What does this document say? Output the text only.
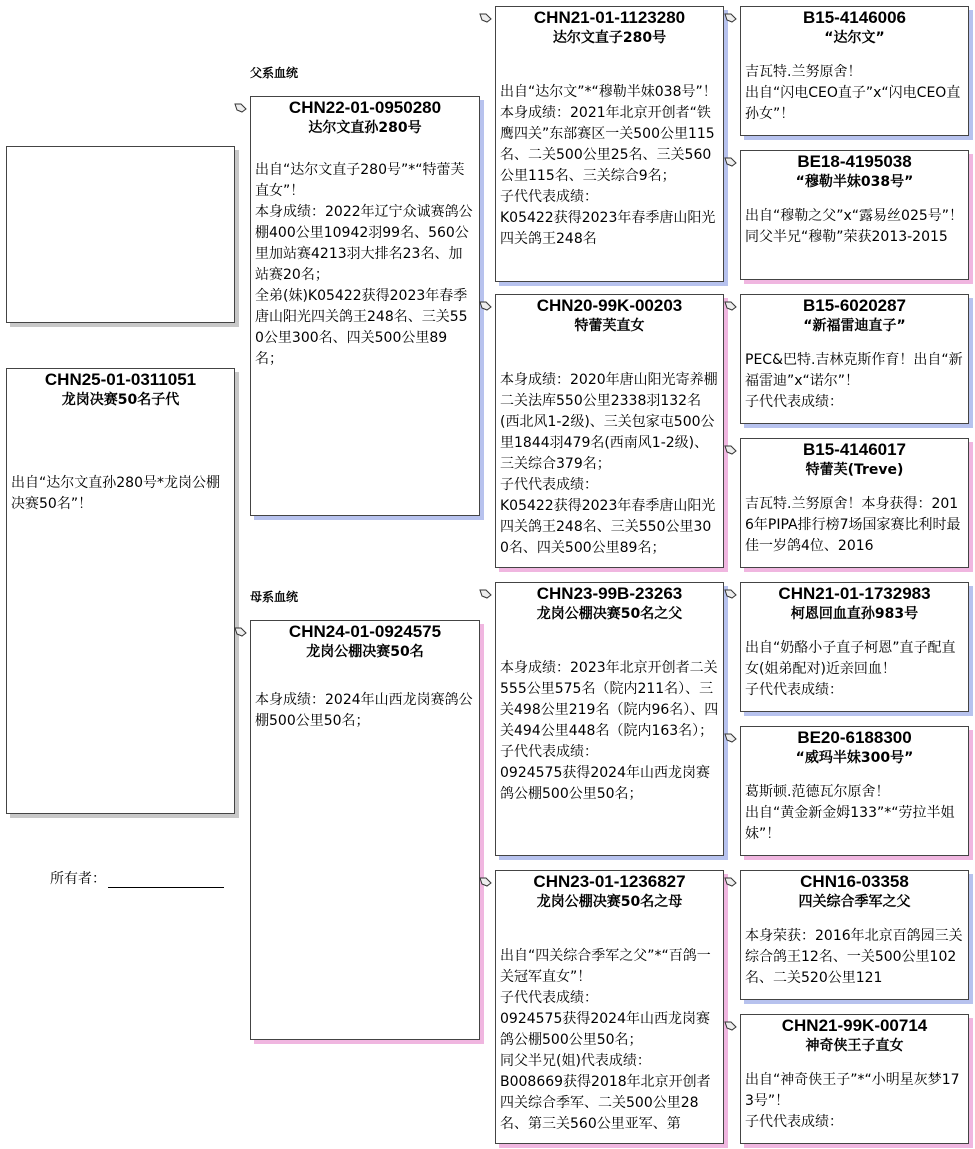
CHN25-01-0311051
龙岗决赛50名子代
出自“达尔文直孙280号*龙岗公棚决赛50名”！
所有者：
父系血统
母系血统
CHN22-01-0950280
达尔文直孙280号
出自“达尔文直子280号”*“特蕾芙直女”！
本身成绩：2022年辽宁众诚赛鸽公棚400公里10942羽99名、560公里加站赛4213羽大排名23名、加站赛20名；
全弟(妹)K05422获得2023年春季唐山阳光四关鸽王248名、三关550公里300名、四关500公里89名；
CHN24-01-0924575
龙岗公棚决赛50名
本身成绩：2024年山西龙岗赛鸽公棚500公里50名；
CHN21-01-1123280
达尔文直子280号
出自“达尔文”*“穆勒半妹038号”！
本身成绩：2021年北京开创者“铁鹰四关”东部赛区一关500公里115名、二关500公里25名、三关560公里115名、三关综合9名；
子代代表成绩：
K05422获得2023年春季唐山阳光四关鸽王248名
CHN20-99K-00203
特蕾芙直女
本身成绩：2020年唐山阳光寄养棚二关法库550公里2338羽132名(西北风1-2级)、三关包家屯500公里1844羽479名(西南风1-2级)、三关综合379名；
子代代表成绩：
K05422获得2023年春季唐山阳光四关鸽王248名、三关550公里300名、四关500公里89名；
CHN23-99B-23263
龙岗公棚决赛50名之父
本身成绩：2023年北京开创者二关555公里575名（院内211名）、三关498公里219名（院内96名）、四关494公里448名（院内163名）；
子代代表成绩：
0924575获得2024年山西龙岗赛鸽公棚500公里50名；
CHN23-01-1236827
龙岗公棚决赛50名之母
出自“四关综合季军之父”*“百鸽一关冠军直女”！
子代代表成绩：
0924575获得2024年山西龙岗赛鸽公棚500公里50名；
同父半兄(姐)代表成绩：
B008669获得2018年北京开创者四关综合季军、二关500公里28名、第三关560公里亚军、第
B15-4146006
“达尔文”
吉瓦特.兰努原舍！
出自“闪电CEO直子”x“闪电CEO直孙女”！
BE18-4195038
“穆勒半妹038号”
出自“穆勒之父”x“露易丝025号”！
同父半兄“穆勒”荣获2013-2015
B15-6020287
“新福雷迪直子”
PEC&巴特.吉林克斯作育！出自“新福雷迪”x“诺尔”！
子代代表成绩：
B15-4146017
特蕾芙(Treve)
吉瓦特.兰努原舍！本身获得：2016年PIPA排行榜7场国家赛比利时最佳一岁鸽4位、2016
CHN21-01-1732983
柯恩回血直孙983号
出自“奶酪小子直子柯恩”直子配直女(姐弟配对)近亲回血！
子代代表成绩：
BE20-6188300
“威玛半妹300号”
葛斯顿.范德瓦尔原舍！
出自“黄金新金姆133”*“劳拉半姐妹”！
CHN16-03358
四关综合季军之父
本身荣获：2016年北京百鸽园三关综合鸽王12名、一关500公里102名、二关520公里121
CHN21-99K-00714
神奇侠王子直女
出自“神奇侠王子”*“小明星灰梦173号”！
子代代表成绩：
